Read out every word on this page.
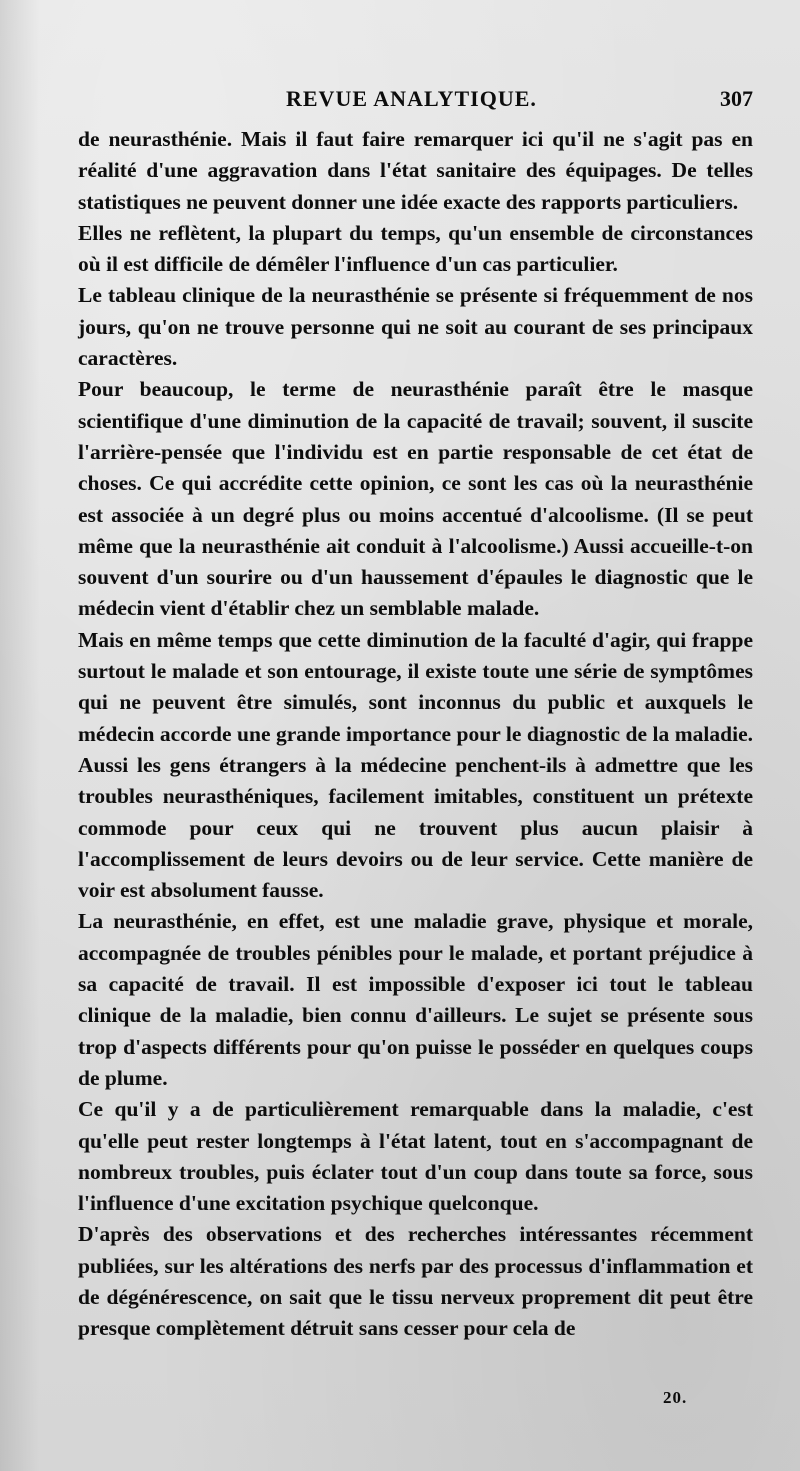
REVUE ANALYTIQUE.	307

de neurasthénie. Mais il faut faire remarquer ici qu'il ne s'agit pas en réalité d'une aggravation dans l'état sanitaire des équipages. De telles statistiques ne peuvent donner une idée exacte des rapports particuliers.

Elles ne reflètent, la plupart du temps, qu'un ensemble de circonstances où il est difficile de démêler l'influence d'un cas particulier.

Le tableau clinique de la neurasthénie se présente si fréquemment de nos jours, qu'on ne trouve personne qui ne soit au courant de ses principaux caractères.

Pour beaucoup, le terme de neurasthénie paraît être le masque scientifique d'une diminution de la capacité de travail; souvent, il suscite l'arrière-pensée que l'individu est en partie responsable de cet état de choses. Ce qui accrédite cette opinion, ce sont les cas où la neurasthénie est associée à un degré plus ou moins accentué d'alcoolisme. (Il se peut même que la neurasthénie ait conduit à l'alcoolisme.) Aussi accueille-t-on souvent d'un sourire ou d'un haussement d'épaules le diagnostic que le médecin vient d'établir chez un semblable malade.

Mais en même temps que cette diminution de la faculté d'agir, qui frappe surtout le malade et son entourage, il existe toute une série de symptômes qui ne peuvent être simulés, sont inconnus du public et auxquels le médecin accorde une grande importance pour le diagnostic de la maladie. Aussi les gens étrangers à la médecine penchent-ils à admettre que les troubles neurasthéniques, facilement imitables, constituent un prétexte commode pour ceux qui ne trouvent plus aucun plaisir à l'accomplissement de leurs devoirs ou de leur service. Cette manière de voir est absolument fausse.

La neurasthénie, en effet, est une maladie grave, physique et morale, accompagnée de troubles pénibles pour le malade, et portant préjudice à sa capacité de travail. Il est impossible d'exposer ici tout le tableau clinique de la maladie, bien connu d'ailleurs. Le sujet se présente sous trop d'aspects différents pour qu'on puisse le posséder en quelques coups de plume.

Ce qu'il y a de particulièrement remarquable dans la maladie, c'est qu'elle peut rester longtemps à l'état latent, tout en s'accompagnant de nombreux troubles, puis éclater tout d'un coup dans toute sa force, sous l'influence d'une excitation psychique quelconque.

D'après des observations et des recherches intéressantes récemment publiées, sur les altérations des nerfs par des processus d'inflammation et de dégénérescence, on sait que le tissu nerveux proprement dit peut être presque complètement détruit sans cesser pour cela de

20.
